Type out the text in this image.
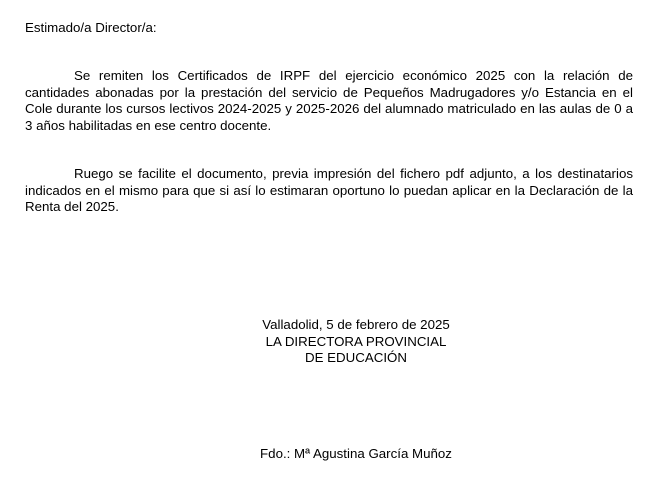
Estimado/a Director/a:

Se remiten los Certificados de IRPF del ejercicio económico 2025 con la relación de cantidades abonadas por la prestación del servicio de Pequeños Madrugadores y/o Estancia en el Cole durante los cursos lectivos 2024-2025 y 2025-2026 del alumnado matriculado en las aulas de 0 a 3 años habilitadas en ese centro docente.

Ruego se facilite el documento, previa impresión del fichero pdf adjunto, a los destinatarios indicados en el mismo para que si así lo estimaran oportuno lo puedan aplicar en la Declaración de la Renta del 2025.

Valladolid, 5 de febrero de 2025
LA DIRECTORA PROVINCIAL
DE EDUCACIÓN

Fdo.: Mª Agustina García Muñoz
